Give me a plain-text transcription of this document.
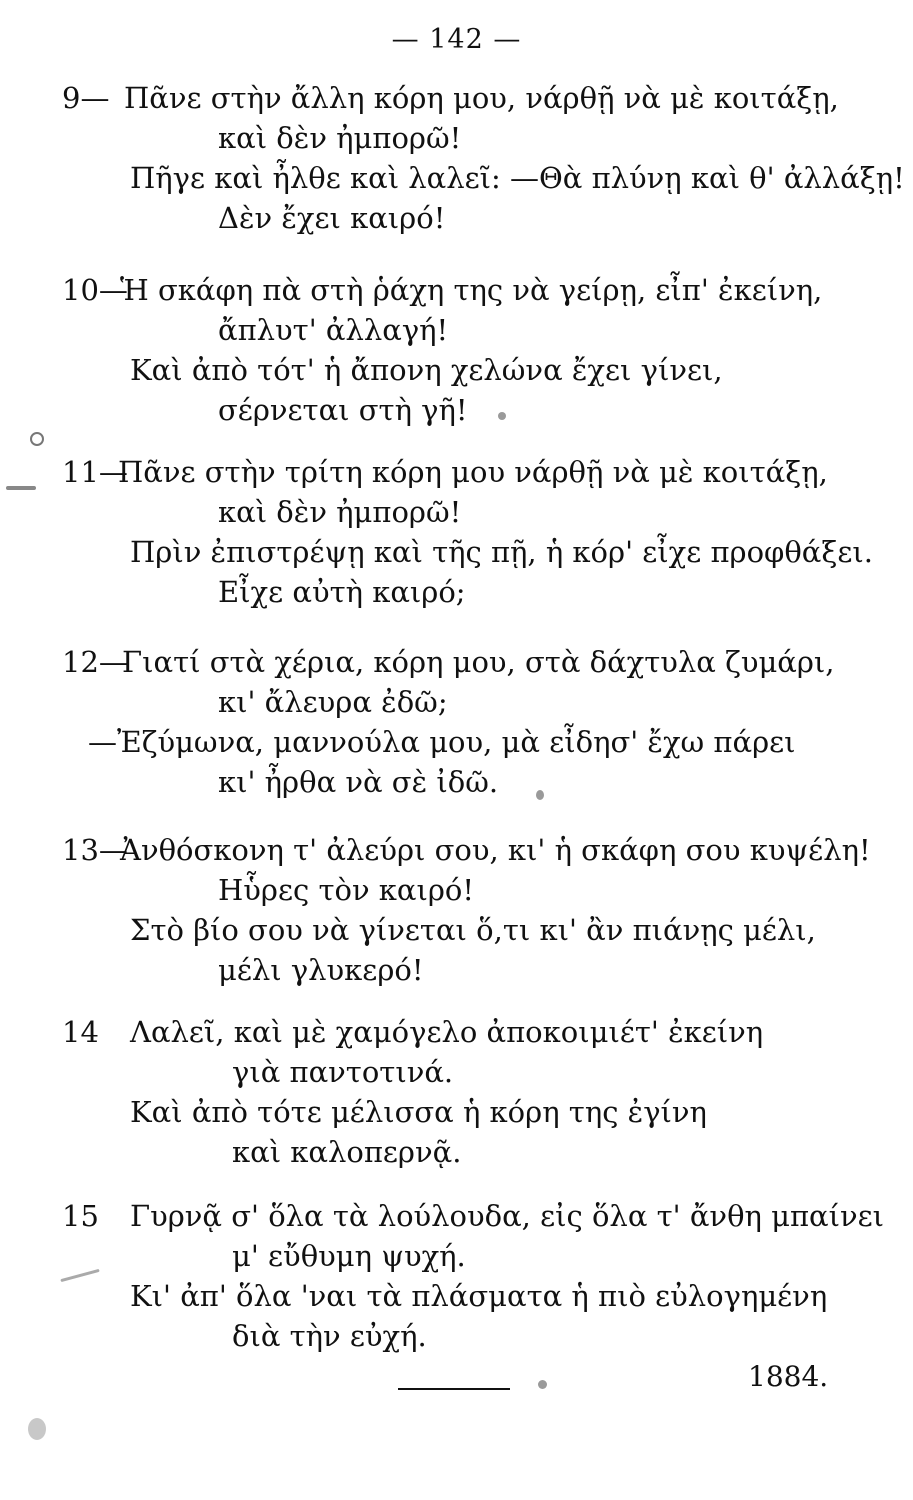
— 142 —
9— Πᾶνε στὴν ἄλλη κόρη μου, νάρθῇ νὰ μὲ κοιτάξῃ,
καὶ δὲν ἠμπορῶ!
Πῆγε καὶ ἦλθε καὶ λαλεῖ: —Θὰ πλύνῃ καὶ θ' ἀλλάξῃ!
Δὲν ἔχει καιρό!
10—
Ἡ σκάφη πὰ στὴ ῥάχη της νὰ γείρῃ, εἶπ' ἐκείνη,
ἄπλυτ' ἀλλαγή!
Καὶ ἀπὸ τότ' ἡ ἄπονη χελώνα ἔχει γίνει,
σέρνεται στὴ γῆ!
11—
Πᾶνε στὴν τρίτη κόρη μου νάρθῇ νὰ μὲ κοιτάξῃ,
καὶ δὲν ἠμπορῶ!
Πρὶν ἐπιστρέψῃ καὶ τῆς πῇ, ἡ κόρ' εἶχε προφθάξει.
Εἶχε αὐτὴ καιρό;
12—
Γιατί στὰ χέρια, κόρη μου, στὰ δάχτυλα ζυμάρι,
κι' ἄλευρα ἐδῶ;
—Ἐζύμωνα, μαννούλα μου, μὰ εἶδησ' ἔχω πάρει
κι' ἦρθα νὰ σὲ ἰδῶ.
13—
Ἀνθόσκονη τ' ἀλεύρι σου, κι' ἡ σκάφη σου κυψέλη!
Ηὗρες τὸν καιρό!
Στὸ βίο σου νὰ γίνεται ὅ,τι κι' ἂν πιάνῃς μέλι,
μέλι γλυκερό!
14 Λαλεῖ, καὶ μὲ χαμόγελο ἀποκοιμιέτ' ἐκείνη
γιὰ παντοτινά.
Καὶ ἀπὸ τότε μέλισσα ἡ κόρη της ἐγίνη
καὶ καλοπερνᾷ.
15 Γυρνᾷ σ' ὅλα τὰ λούλουδα, εἰς ὅλα τ' ἄνθη μπαίνει
μ' εὔθυμη ψυχή.
Κι' ἀπ' ὅλα 'ναι τὰ πλάσματα ἡ πιὸ εὐλογημένη
διὰ τὴν εὐχή.
1884.
